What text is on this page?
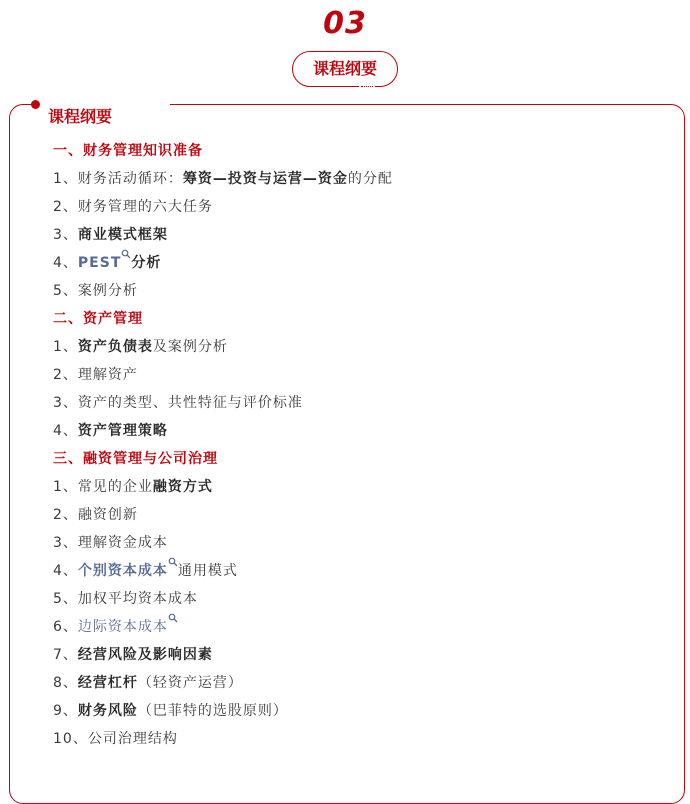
03
课程纲要
课程纲要
一、财务管理知识准备
1、财务活动循环：筹资—投资与运营—资金的分配
2、财务管理的六大任务
3、商业模式框架
4、PEST 分析
5、案例分析
二、资产管理
1、资产负债表及案例分析
2、理解资产
3、资产的类型、共性特征与评价标准
4、资产管理策略
三、融资管理与公司治理
1、常见的企业融资方式
2、融资创新
3、理解资金成本
4、个别资本成本 通用模式
5、加权平均资本成本
6、边际资本成本
7、经营风险及影响因素
8、经营杠杆（轻资产运营）
9、财务风险（巴菲特的选股原则）
10、公司治理结构
